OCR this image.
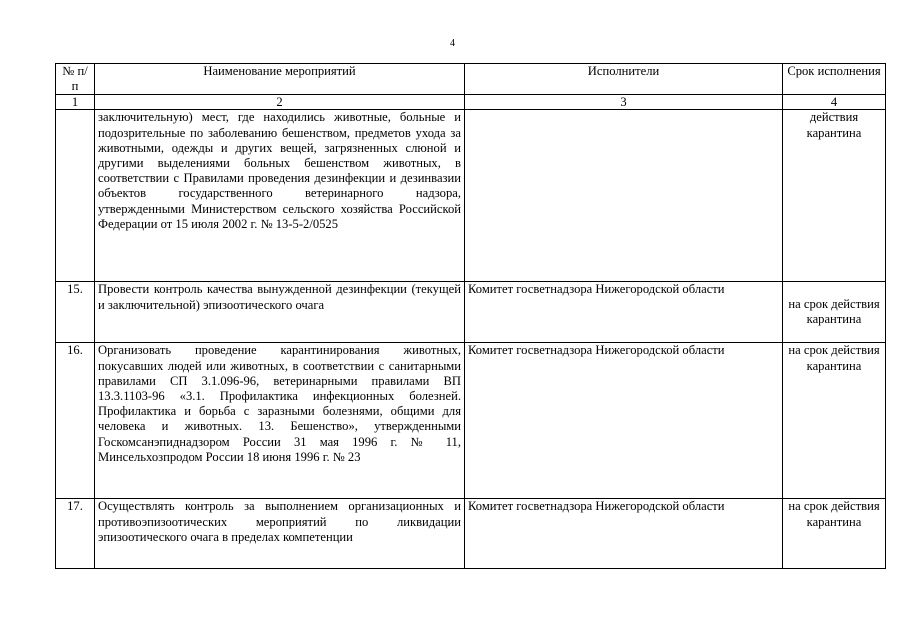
4
№ п/п	Наименование мероприятий	Исполнители	Срок исполнения
1	2	3	4
	заключительную) мест, где находились животные, больные и подозрительные по заболеванию бешенством, предметов ухода за животными, одежды и других вещей, загрязненных слюной и другими выделениями больных бешенством животных, в соответствии с Правилами проведения дезинфекции и дезинвазии объектов государственного ветеринарного надзора, утвержденными Министерством сельского хозяйства Российской Федерации от 15 июля 2002 г. № 13-5-2/0525		действия карантина
15.	Провести контроль качества вынужденной дезинфекции (текущей и заключительной) эпизоотического очага	Комитет госветнадзора Нижегородской области	на срок действия карантина
16.	Организовать проведение карантинирования животных, покусавших людей или животных, в соответствии с санитарными правилами СП 3.1.096-96, ветеринарными правилами ВП 13.3.1103-96 «3.1. Профилактика инфекционных болезней. Профилактика и борьба с заразными болезнями, общими для человека и животных. 13. Бешенство», утвержденными Госкомсанэпиднадзором России 31 мая 1996 г. № 11, Минсельхозпродом России 18 июня 1996 г. № 23	Комитет госветнадзора Нижегородской области	на срок действия карантина
17.	Осуществлять контроль за выполнением организационных и противоэпизоотических мероприятий по ликвидации эпизоотического очага в пределах компетенции	Комитет госветнадзора Нижегородской области	на срок действия карантина
